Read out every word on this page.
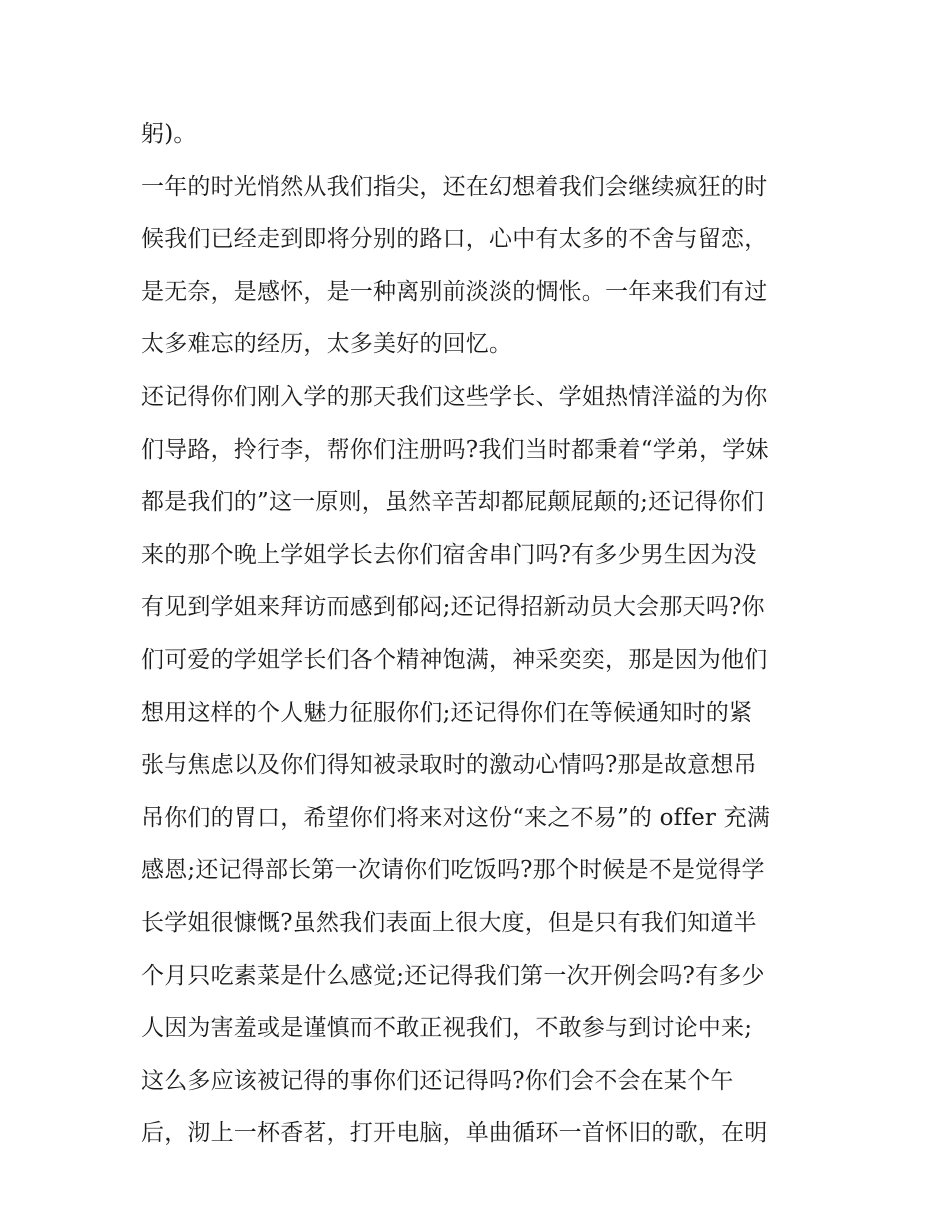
躬)。
一年的时光悄然从我们指尖，还在幻想着我们会继续疯狂的时
候我们已经走到即将分别的路口，心中有太多的不舍与留恋，
是无奈，是感怀，是一种离别前淡淡的惆怅。一年来我们有过
太多难忘的经历，太多美好的回忆。
还记得你们刚入学的那天我们这些学长、学姐热情洋溢的为你
们导路，拎行李，帮你们注册吗?我们当时都秉着“学弟，学妹
都是我们的”这一原则，虽然辛苦却都屁颠屁颠的;还记得你们
来的那个晚上学姐学长去你们宿舍串门吗?有多少男生因为没
有见到学姐来拜访而感到郁闷;还记得招新动员大会那天吗?你
们可爱的学姐学长们各个精神饱满，神采奕奕，那是因为他们
想用这样的个人魅力征服你们;还记得你们在等候通知时的紧
张与焦虑以及你们得知被录取时的激动心情吗?那是故意想吊
吊你们的胃口，希望你们将来对这份“来之不易”的 offer 充满
感恩;还记得部长第一次请你们吃饭吗?那个时候是不是觉得学
长学姐很慷慨?虽然我们表面上很大度，但是只有我们知道半
个月只吃素菜是什么感觉;还记得我们第一次开例会吗?有多少
人因为害羞或是谨慎而不敢正视我们，不敢参与到讨论中来;
这么多应该被记得的事你们还记得吗?你们会不会在某个午
后，沏上一杯香茗，打开电脑，单曲循环一首怀旧的歌，在明
